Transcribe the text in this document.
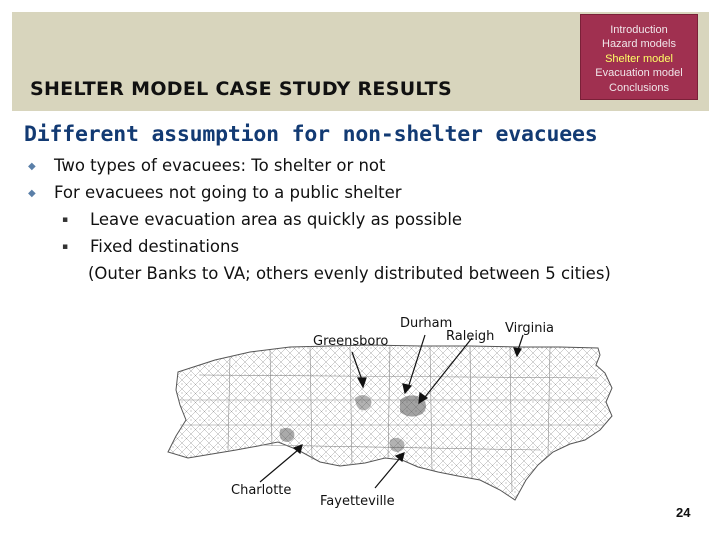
SHELTER MODEL CASE STUDY RESULTS
Introduction
Hazard models
Shelter model
Evacuation model
Conclusions
Different assumption for non-shelter evacuees
◆ Two types of evacuees: To shelter or not
◆ For evacuees not going to a public shelter
▪ Leave evacuation area as quickly as possible
▪ Fixed destinations
(Outer Banks to VA; others evenly distributed between 5 cities)
Durham
Raleigh
Virginia
Greensboro
Charlotte
Fayetteville
24
